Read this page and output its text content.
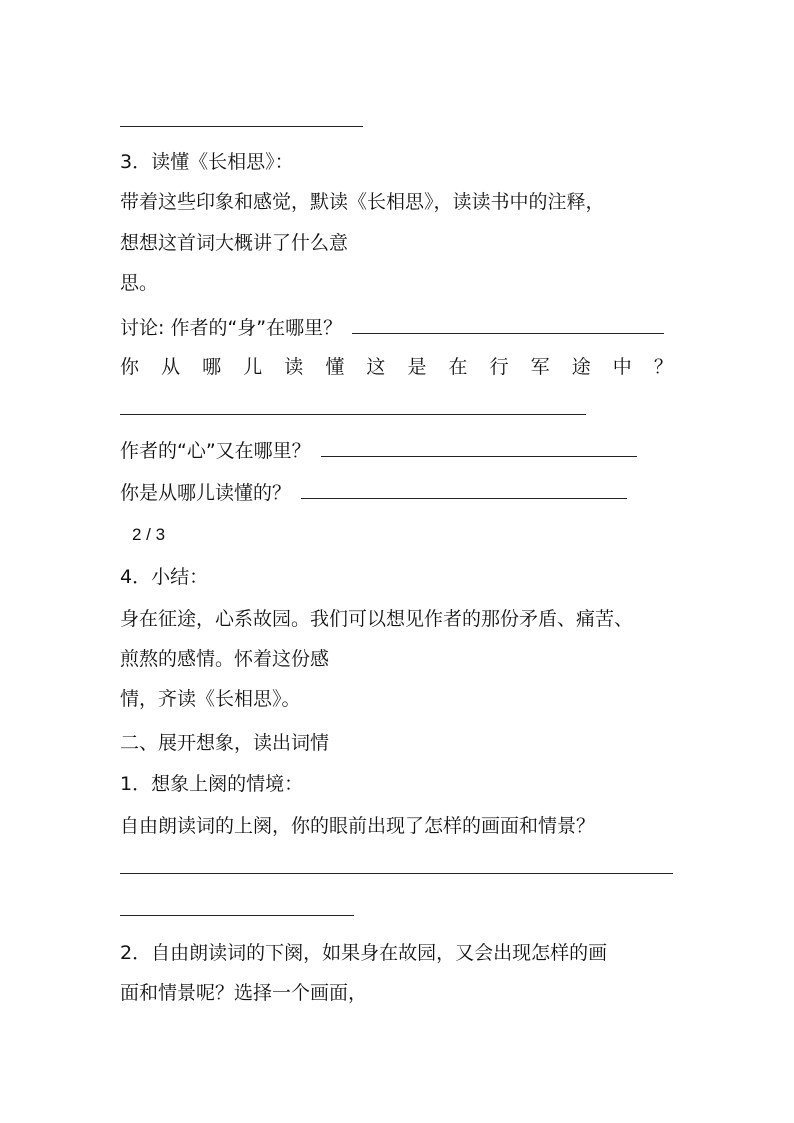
3．读懂《长相思》：
带着这些印象和感觉，默读《长相思》，读读书中的注释，
想想这首词大概讲了什么意
思。
讨论: 作者的“身”在哪里？
你 从 哪 儿 读 懂 这 是 在 行 军 途 中 ？
作者的“心”又在哪里？
你是从哪儿读懂的？
2 / 3
4．小结：
身在征途，心系故园。我们可以想见作者的那份矛盾、痛苦、
煎熬的感情。怀着这份感
情，齐读《长相思》。
二、展开想象，读出词情
1．想象上阕的情境：
自由朗读词的上阕，你的眼前出现了怎样的画面和情景？
2．自由朗读词的下阕，如果身在故园，又会出现怎样的画
面和情景呢？选择一个画面，
